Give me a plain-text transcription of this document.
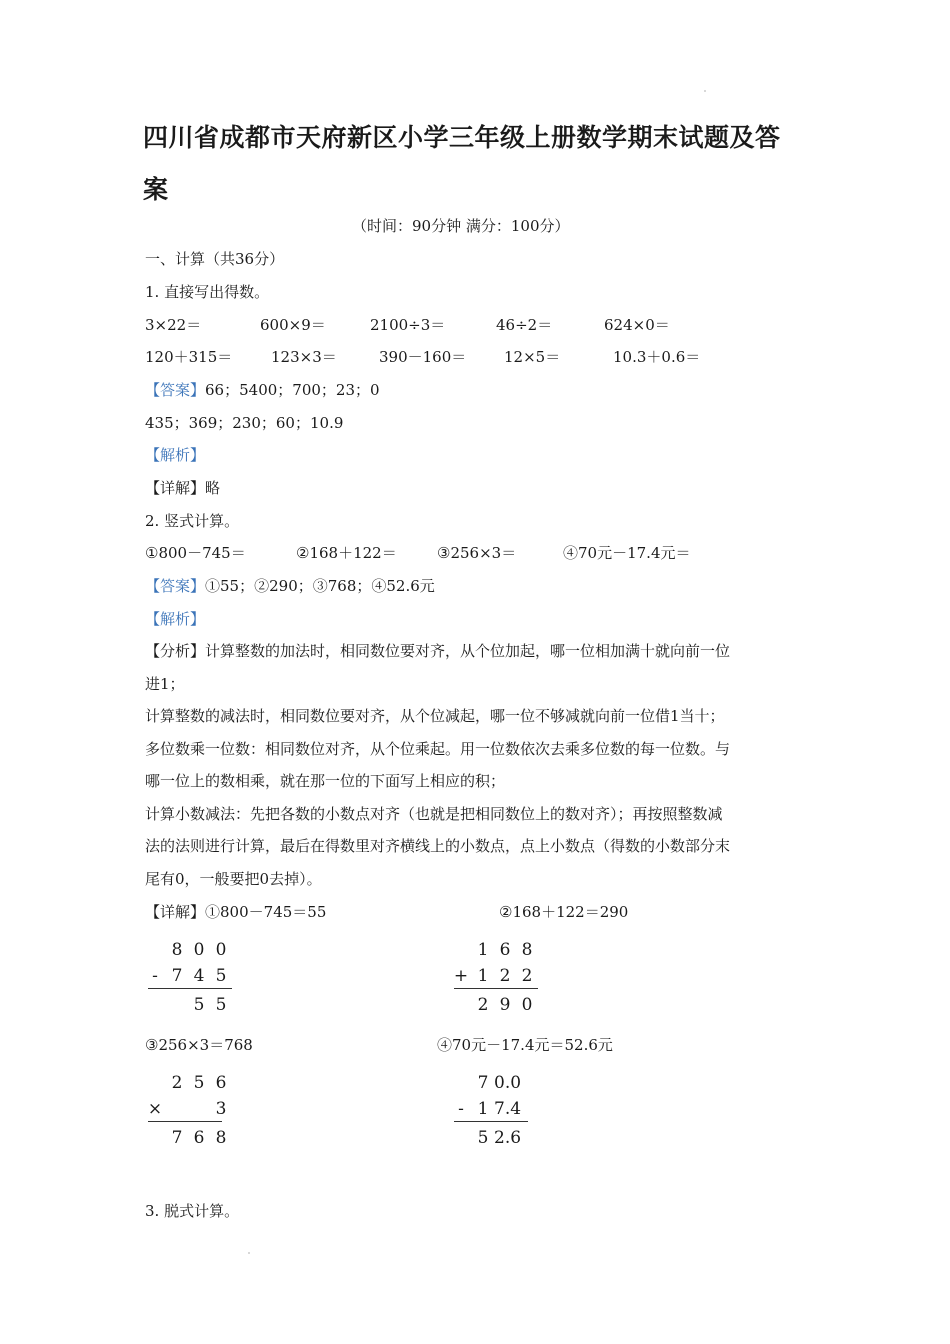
四川省成都市天府新区小学三年级上册数学期末试题及答
案
（时间：90分钟 满分：100分）
一、计算（共36分）
1. 直接写出得数。
3×22＝	600×9＝	2100÷3＝	46÷2＝	624×0＝
120＋315＝	123×3＝	390－160＝	12×5＝	10.3＋0.6＝
【答案】66；5400；700；23；0
435；369；230；60；10.9
【解析】
【详解】略
2. 竖式计算。
①800－745＝	②168＋122＝	③256×3＝	④70元－17.4元＝
【答案】①55；②290；③768；④52.6元
【解析】
【分析】计算整数的加法时，相同数位要对齐，从个位加起，哪一位相加满十就向前一位
进1；
计算整数的减法时，相同数位要对齐，从个位减起，哪一位不够减就向前一位借1当十；
多位数乘一位数：相同数位对齐，从个位乘起。用一位数依次去乘多位数的每一位数。与
哪一位上的数相乘，就在那一位的下面写上相应的积；
计算小数减法：先把各数的小数点对齐（也就是把相同数位上的数对齐）；再按照整数减
法的法则进行计算，最后在得数里对齐横线上的小数点，点上小数点（得数的小数部分末
尾有0，一般要把0去掉）。
【详解】①800－745＝55	②168＋122＝290
8 0 0
- 7 4 5
5 5
1 6 8
+ 1 2 2
2 9 0
③256×3＝768	④70元－17.4元＝52.6元
2 5 6
×	3
7 6 8
7 0.0
- 1 7.4
5 2.6
3. 脱式计算。
